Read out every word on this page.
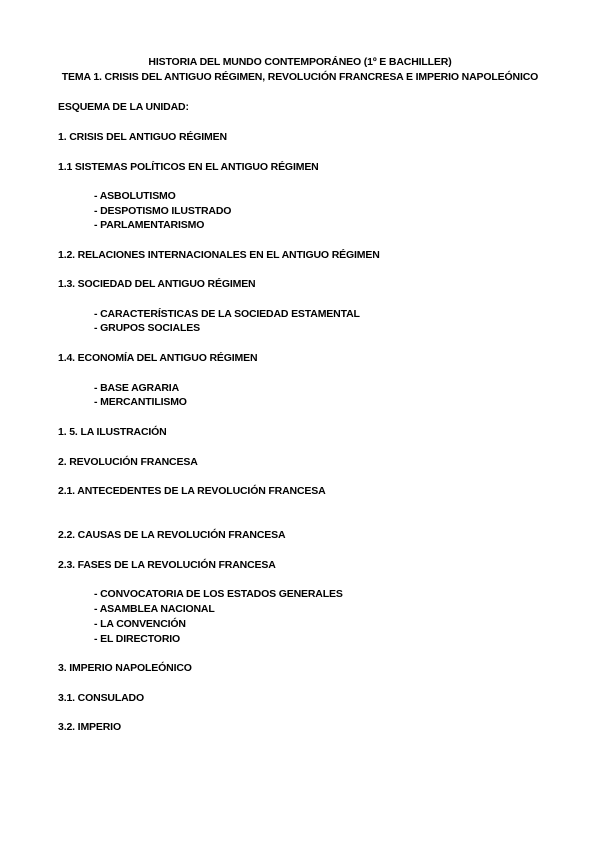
HISTORIA DEL MUNDO CONTEMPORÁNEO (1º E BACHILLER)
TEMA 1. CRISIS DEL ANTIGUO RÉGIMEN, REVOLUCIÓN FRANCRESA E IMPERIO NAPOLEÓNICO
ESQUEMA DE LA UNIDAD:
1. CRISIS DEL ANTIGUO RÉGIMEN
1.1 SISTEMAS POLÍTICOS EN EL ANTIGUO RÉGIMEN
- ASBOLUTISMO
- DESPOTISMO ILUSTRADO
- PARLAMENTARISMO
1.2. RELACIONES INTERNACIONALES EN EL ANTIGUO RÉGIMEN
1.3. SOCIEDAD DEL ANTIGUO RÉGIMEN
- CARACTERÍSTICAS DE LA SOCIEDAD ESTAMENTAL
- GRUPOS SOCIALES
1.4. ECONOMÍA DEL ANTIGUO RÉGIMEN
- BASE AGRARIA
- MERCANTILISMO
1. 5. LA ILUSTRACIÓN
2. REVOLUCIÓN FRANCESA
2.1. ANTECEDENTES DE LA REVOLUCIÓN FRANCESA
2.2. CAUSAS DE LA REVOLUCIÓN FRANCESA
2.3. FASES DE LA REVOLUCIÓN FRANCESA
- CONVOCATORIA DE LOS ESTADOS GENERALES
- ASAMBLEA NACIONAL
- LA CONVENCIÓN
- EL DIRECTORIO
3. IMPERIO NAPOLEÓNICO
3.1. CONSULADO
3.2. IMPERIO
